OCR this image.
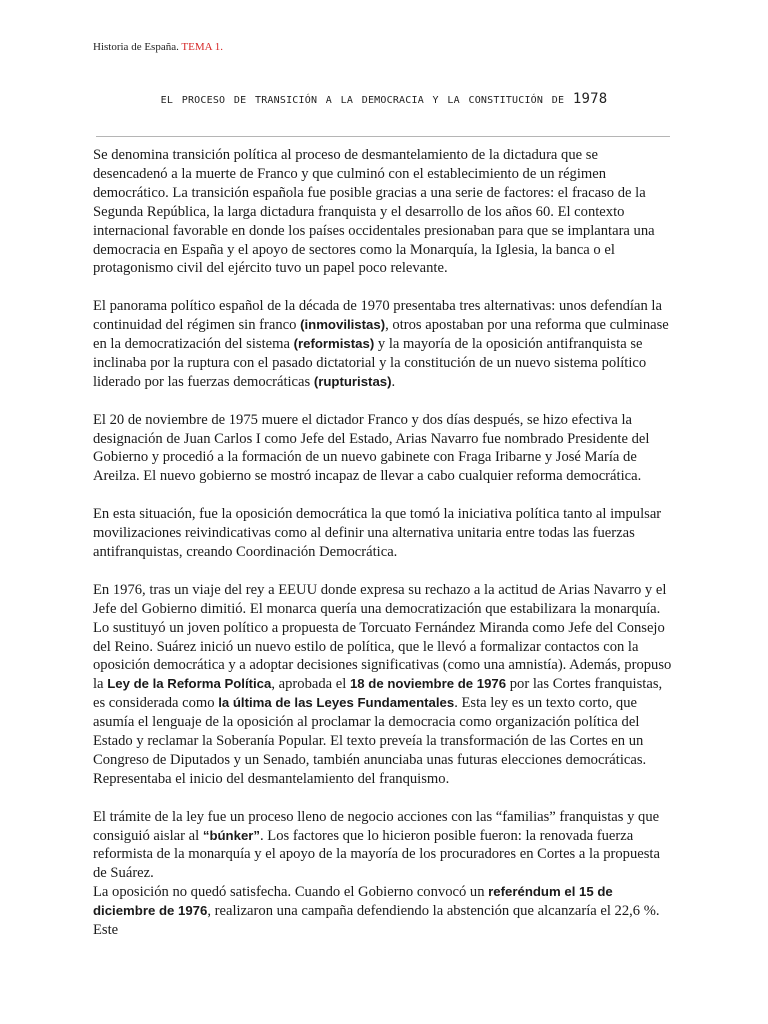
Historia de España. TEMA 1.
el proceso de transición a la democracia y la constitución de 1978

Se denomina transición política al proceso de desmantelamiento de la dictadura que se desencadenó a la muerte de Franco y que culminó con el establecimiento de un régimen democrático. La transición española fue posible gracias a una serie de factores: el fracaso de la Segunda República, la larga dictadura franquista y el desarrollo de los años 60. El contexto internacional favorable en donde los países occidentales presionaban para que se implantara una democracia en España y el apoyo de sectores como la Monarquía, la Iglesia, la banca o el protagonismo civil del ejército tuvo un papel poco relevante.

El panorama político español de la década de 1970 presentaba tres alternativas: unos defendían la continuidad del régimen sin franco (inmovilistas), otros apostaban por una reforma que culminase en la democratización del sistema (reformistas) y la mayoría de la oposición antifranquista se inclinaba por la ruptura con el pasado dictatorial y la constitución de un nuevo sistema político liderado por las fuerzas democráticas (rupturistas).

El 20 de noviembre de 1975 muere el dictador Franco y dos días después, se hizo efectiva la designación de Juan Carlos I como Jefe del Estado, Arias Navarro fue nombrado Presidente del Gobierno y procedió a la formación de un nuevo gabinete con Fraga Iribarne y José María de Areilza. El nuevo gobierno se mostró incapaz de llevar a cabo cualquier reforma democrática.

En esta situación, fue la oposición democrática la que tomó la iniciativa política tanto al impulsar movilizaciones reivindicativas como al definir una alternativa unitaria entre todas las fuerzas antifranquistas, creando Coordinación Democrática.

En 1976, tras un viaje del rey a EEUU donde expresa su rechazo a la actitud de Arias Navarro y el Jefe del Gobierno dimitió. El monarca quería una democratización que estabilizara la monarquía. Lo sustituyó un joven político a propuesta de Torcuato Fernández Miranda como Jefe del Consejo del Reino. Suárez inició un nuevo estilo de política, que le llevó a formalizar contactos con la oposición democrática y a adoptar decisiones significativas (como una amnistía). Además, propuso la Ley de la Reforma Política, aprobada el 18 de noviembre de 1976 por las Cortes franquistas, es considerada como la última de las Leyes Fundamentales. Esta ley es un texto corto, que asumía el lenguaje de la oposición al proclamar la democracia como organización política del Estado y reclamar la Soberanía Popular. El texto preveía la transformación de las Cortes en un Congreso de Diputados y un Senado, también anunciaba unas futuras elecciones democráticas. Representaba el inicio del desmantelamiento del franquismo.

El trámite de la ley fue un proceso lleno de negocio acciones con las “familias” franquistas y que consiguió aislar al “búnker”. Los factores que lo hicieron posible fueron: la renovada fuerza reformista de la monarquía y el apoyo de la mayoría de los procuradores en Cortes a la propuesta de Suárez.

La oposición no quedó satisfecha. Cuando el Gobierno convocó un referéndum el 15 de diciembre de 1976, realizaron una campaña defendiendo la abstención que alcanzaría el 22,6 %. Este
